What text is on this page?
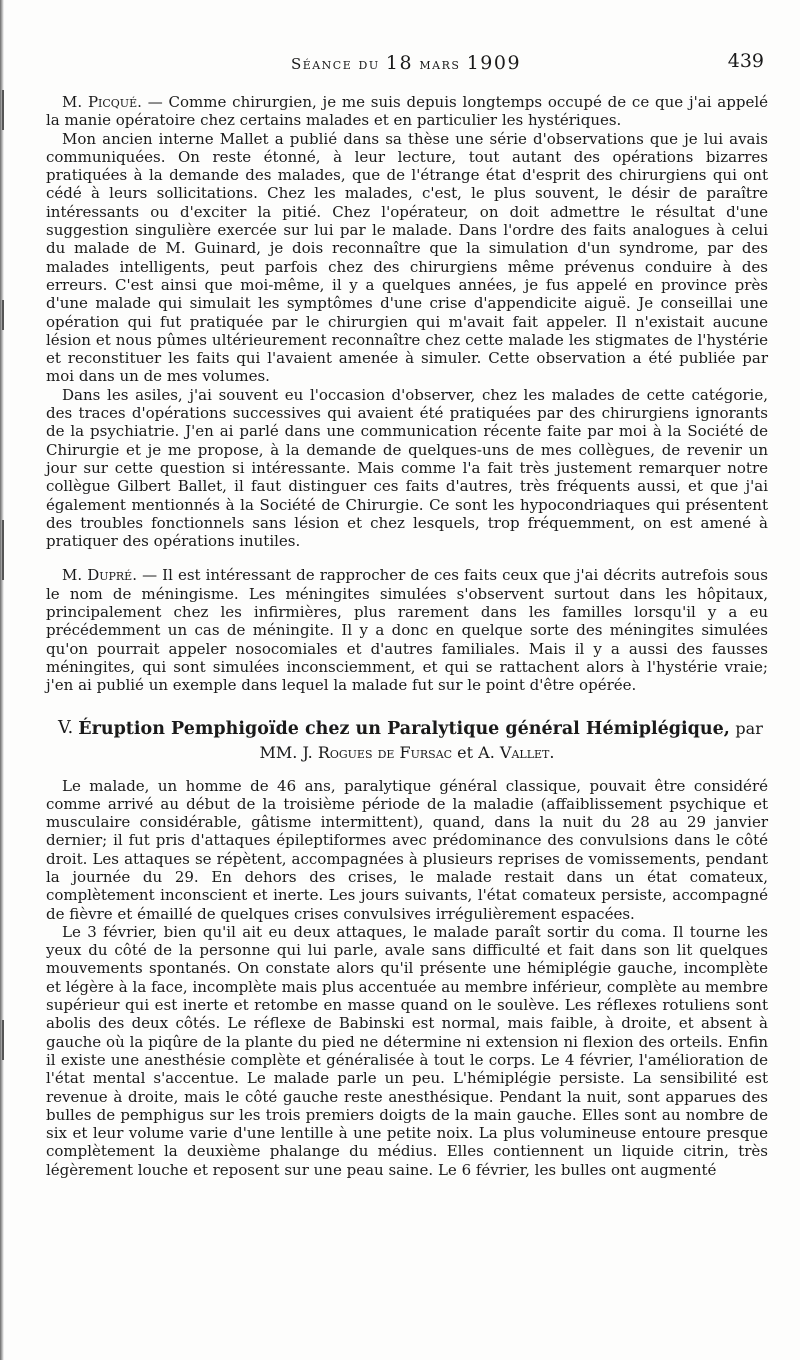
Séance du 18 mars 1909	439

M. Picqué. — Comme chirurgien, je me suis depuis longtemps occupé de ce que j'ai appelé la manie opératoire chez certains malades et en particulier les hystériques.

Mon ancien interne Mallet a publié dans sa thèse une série d'observations que je lui avais communiquées. On reste étonné, à leur lecture, tout autant des opérations bizarres pratiquées à la demande des malades, que de l'étrange état d'esprit des chirurgiens qui ont cédé à leurs sollicitations. Chez les malades, c'est, le plus souvent, le désir de paraître intéressants ou d'exciter la pitié. Chez l'opérateur, on doit admettre le résultat d'une suggestion singulière exercée sur lui par le malade. Dans l'ordre des faits analogues à celui du malade de M. Guinard, je dois reconnaître que la simulation d'un syndrome, par des malades intelligents, peut parfois chez des chirurgiens même prévenus conduire à des erreurs. C'est ainsi que moi-même, il y a quelques années, je fus appelé en province près d'une malade qui simulait les symptômes d'une crise d'appendicite aiguë. Je conseillai une opération qui fut pratiquée par le chirurgien qui m'avait fait appeler. Il n'existait aucune lésion et nous pûmes ultérieurement reconnaître chez cette malade les stigmates de l'hystérie et reconstituer les faits qui l'avaient amenée à simuler. Cette observation a été publiée par moi dans un de mes volumes.

Dans les asiles, j'ai souvent eu l'occasion d'observer, chez les malades de cette catégorie, des traces d'opérations successives qui avaient été pratiquées par des chirurgiens ignorants de la psychiatrie. J'en ai parlé dans une communication récente faite par moi à la Société de Chirurgie et je me propose, à la demande de quelques-uns de mes collègues, de revenir un jour sur cette question si intéressante. Mais comme l'a fait très justement remarquer notre collègue Gilbert Ballet, il faut distinguer ces faits d'autres, très fréquents aussi, et que j'ai également mentionnés à la Société de Chirurgie. Ce sont les hypocondriaques qui présentent des troubles fonctionnels sans lésion et chez lesquels, trop fréquemment, on est amené à pratiquer des opérations inutiles.

M. Dupré. — Il est intéressant de rapprocher de ces faits ceux que j'ai décrits autrefois sous le nom de méningisme. Les méningites simulées s'observent surtout dans les hôpitaux, principalement chez les infirmières, plus rarement dans les familles lorsqu'il y a eu précédemment un cas de méningite. Il y a donc en quelque sorte des méningites simulées qu'on pourrait appeler nosocomiales et d'autres familiales. Mais il y a aussi des fausses méningites, qui sont simulées inconsciemment, et qui se rattachent alors à l'hystérie vraie; j'en ai publié un exemple dans lequel la malade fut sur le point d'être opérée.

V. Éruption Pemphigoïde chez un Paralytique général Hémiplégique, par MM. J. Rogues de Fursac et A. Vallet.

Le malade, un homme de 46 ans, paralytique général classique, pouvait être considéré comme arrivé au début de la troisième période de la maladie (affaiblissement psychique et musculaire considérable, gâtisme intermittent), quand, dans la nuit du 28 au 29 janvier dernier; il fut pris d'attaques épileptiformes avec prédominance des convulsions dans le côté droit. Les attaques se répètent, accompagnées à plusieurs reprises de vomissements, pendant la journée du 29. En dehors des crises, le malade restait dans un état comateux, complètement inconscient et inerte. Les jours suivants, l'état comateux persiste, accompagné de fièvre et émaillé de quelques crises convulsives irrégulièrement espacées.

Le 3 février, bien qu'il ait eu deux attaques, le malade paraît sortir du coma. Il tourne les yeux du côté de la personne qui lui parle, avale sans difficulté et fait dans son lit quelques mouvements spontanés. On constate alors qu'il présente une hémiplégie gauche, incomplète et légère à la face, incomplète mais plus accentuée au membre inférieur, complète au membre supérieur qui est inerte et retombe en masse quand on le soulève. Les réflexes rotuliens sont abolis des deux côtés. Le réflexe de Babinski est normal, mais faible, à droite, et absent à gauche où la piqûre de la plante du pied ne détermine ni extension ni flexion des orteils. Enfin il existe une anesthésie complète et généralisée à tout le corps. Le 4 février, l'amélioration de l'état mental s'accentue. Le malade parle un peu. L'hémiplégie persiste. La sensibilité est revenue à droite, mais le côté gauche reste anesthésique. Pendant la nuit, sont apparues des bulles de pemphigus sur les trois premiers doigts de la main gauche. Elles sont au nombre de six et leur volume varie d'une lentille à une petite noix. La plus volumineuse entoure presque complètement la deuxième phalange du médius. Elles contiennent un liquide citrin, très légèrement louche et reposent sur une peau saine. Le 6 février, les bulles ont augmenté
